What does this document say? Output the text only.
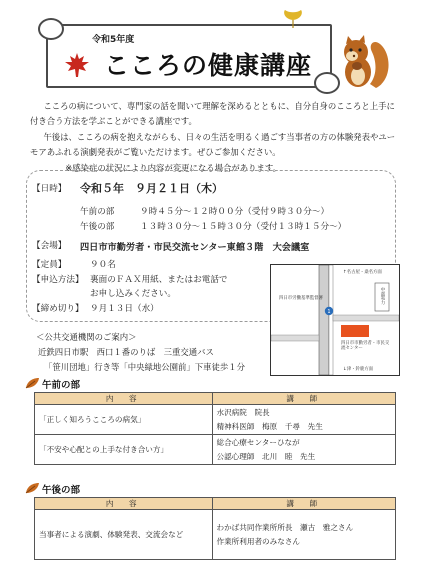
令和5年度
こころの健康講座

こころの病について、専門家の話を聞いて理解を深めるとともに、自分自身のこころと上手に付き合う方法を学ぶことができる講座です。

午後は、こころの病を抱えながらも、日々の生活を明るく過ごす当事者の方の体験発表やユーモアあふれる演劇発表がご覧いただけます。ぜひご参加ください。

※感染症の状況により内容が変更になる場合があります。

【日時】 令和５年　９月２１日（木）
午前の部	９時４５分～１２時００分（受付９時３０分～）
午後の部	１３時３０分～１５時３０分（受付１３時１５分～）
【会場】 四日市市勤労者・市民交流センター東館３階　大会議室
【定員】	９０名
【申込方法】 裏面のＦＡＸ用紙、またはお電話で
お申し込みください。
【締め切り】 ９月１３日（水）
↑名古屋・桑名方面
四日市労働基準監督署	中部電力
1
四日市市勤労者・市民交流センター
↓津・鈴鹿方面
＜公共交通機関のご案内＞
近鉄四日市駅　西口１番のりば　三重交通バス
「笹川団地」行き等「中央緑地公園前」下車徒歩１分
午前の部
内　容	講　師
「正しく知ろうこころの病気」	水沢病院　院長
精神科医師　梅原　千尋　先生

「不安や心配との上手な付き合い方」	総合心療センターひなが
公認心理師　北川　睦　先生
午後の部
内　容	講　師
当事者による演劇、体験発表、交流会など	わかば共同作業所所長　瀬古　雅之さん
作業所利用者のみなさん
